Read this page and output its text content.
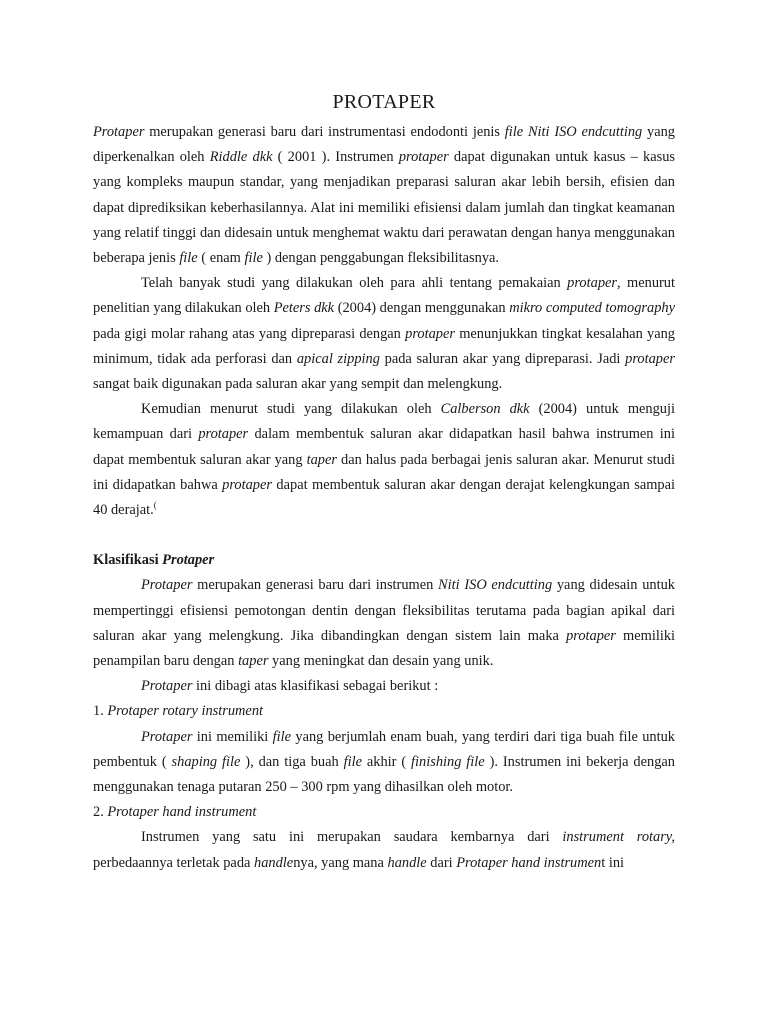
PROTAPER

Protaper merupakan generasi baru dari instrumentasi endodonti jenis file Niti ISO endcutting yang diperkenalkan oleh Riddle dkk ( 2001 ). Instrumen protaper dapat digunakan untuk kasus – kasus yang kompleks maupun standar, yang menjadikan preparasi saluran akar lebih bersih, efisien dan dapat diprediksikan keberhasilannya. Alat ini memiliki efisiensi dalam jumlah dan tingkat keamanan yang relatif tinggi dan didesain untuk menghemat waktu dari perawatan dengan hanya menggunakan beberapa jenis file ( enam file ) dengan penggabungan fleksibilitasnya.

Telah banyak studi yang dilakukan oleh para ahli tentang pemakaian protaper, menurut penelitian yang dilakukan oleh Peters dkk (2004) dengan menggunakan mikro computed tomography pada gigi molar rahang atas yang dipreparasi dengan protaper menunjukkan tingkat kesalahan yang minimum, tidak ada perforasi dan apical zipping pada saluran akar yang dipreparasi. Jadi protaper sangat baik digunakan pada saluran akar yang sempit dan melengkung.

Kemudian menurut studi yang dilakukan oleh Calberson dkk (2004) untuk menguji kemampuan dari protaper dalam membentuk saluran akar didapatkan hasil bahwa instrumen ini dapat membentuk saluran akar yang taper dan halus pada berbagai jenis saluran akar. Menurut studi ini didapatkan bahwa protaper dapat membentuk saluran akar dengan derajat kelengkungan sampai 40 derajat.(

Klasifikasi Protaper

Protaper merupakan generasi baru dari instrumen Niti ISO endcutting yang didesain untuk mempertinggi efisiensi pemotongan dentin dengan fleksibilitas terutama pada bagian apikal dari saluran akar yang melengkung. Jika dibandingkan dengan sistem lain maka protaper memiliki penampilan baru dengan taper yang meningkat dan desain yang unik.

Protaper ini dibagi atas klasifikasi sebagai berikut :

1. Protaper rotary instrument

Protaper ini memiliki file yang berjumlah enam buah, yang terdiri dari tiga buah file untuk pembentuk ( shaping file ), dan tiga buah file akhir ( finishing file ). Instrumen ini bekerja dengan menggunakan tenaga putaran 250 – 300 rpm yang dihasilkan oleh motor.

2. Protaper hand instrument

Instrumen yang satu ini merupakan saudara kembarnya dari instrument rotary, perbedaannya terletak pada handlenya, yang mana handle dari Protaper hand instrument ini
